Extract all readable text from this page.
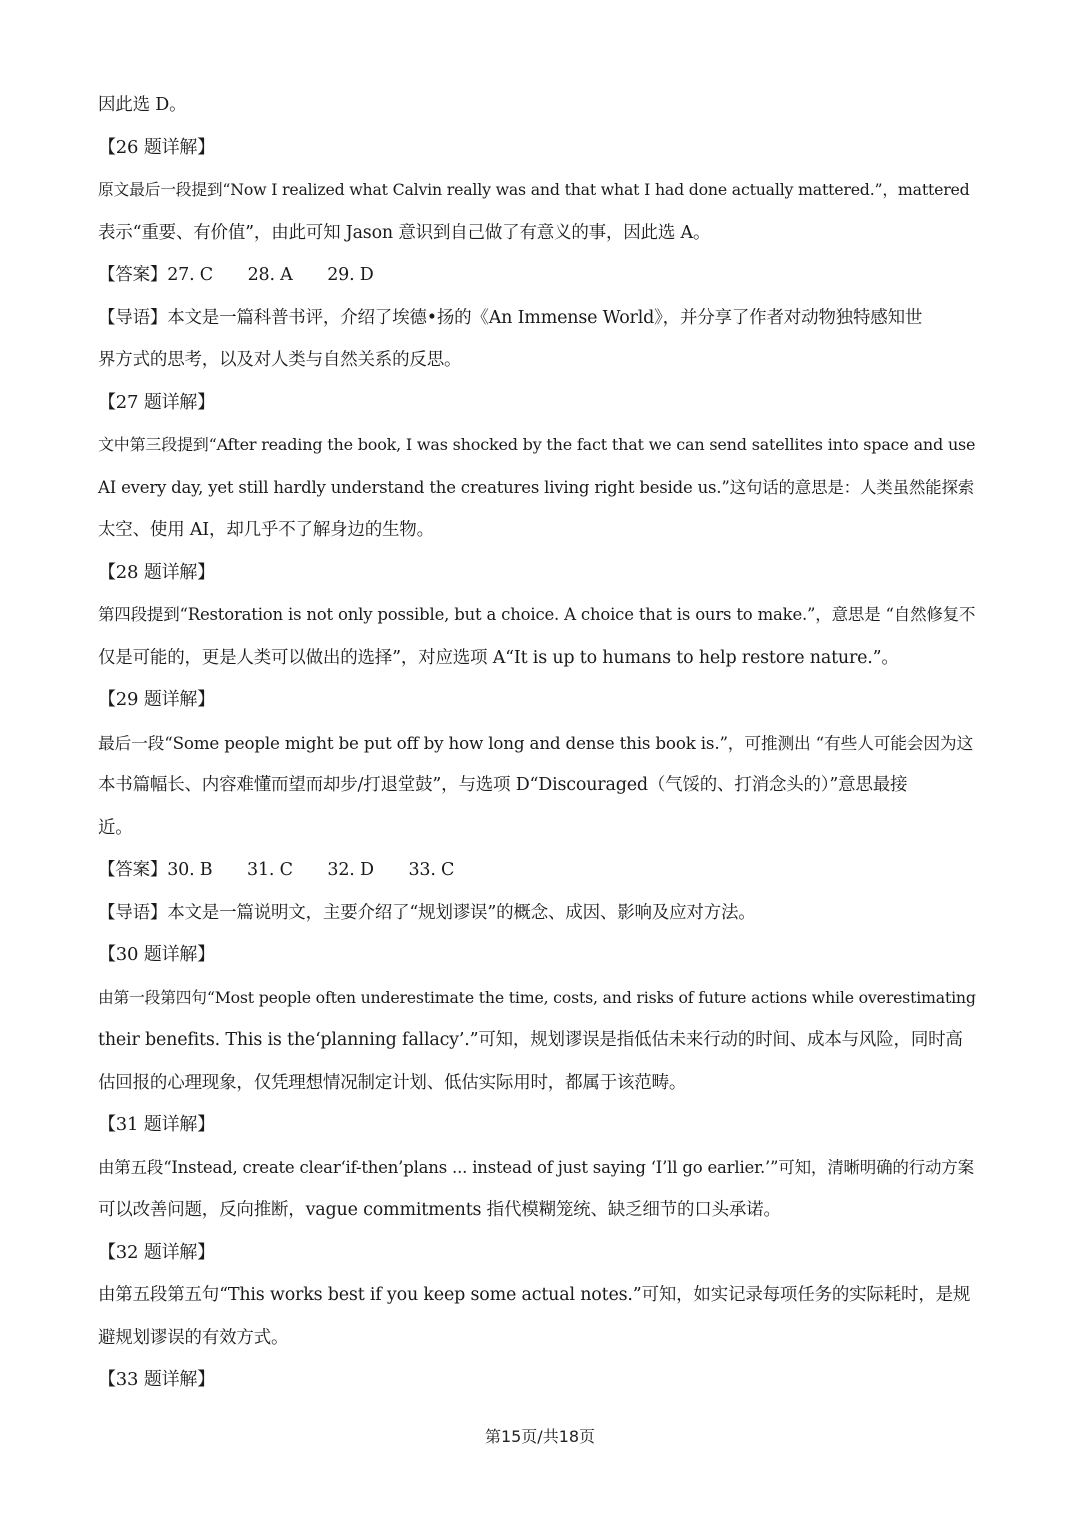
因此选 D。
【26 题详解】
原文最后一段提到“Now I realized what Calvin really was and that what I had done actually mattered.”，mattered
表示“重要、有价值”，由此可知 Jason 意识到自己做了有意义的事，因此选 A。
【答案】27. C　　28. A　　29. D
【导语】本文是一篇科普书评，介绍了埃德•扬的《An Immense World》，并分享了作者对动物独特感知世
界方式的思考，以及对人类与自然关系的反思。
【27 题详解】
文中第三段提到“After reading the book, I was shocked by the fact that we can send satellites into space and use
AI every day, yet still hardly understand the creatures living right beside us.”这句话的意思是：人类虽然能探索
太空、使用 AI，却几乎不了解身边的生物。
【28 题详解】
第四段提到“Restoration is not only possible, but a choice. A choice that is ours to make.”，意思是 “自然修复不
仅是可能的，更是人类可以做出的选择”，对应选项 A“It is up to humans to help restore nature.”。
【29 题详解】
最后一段“Some people might be put off by how long and dense this book is.”，可推测出 “有些人可能会因为这
本书篇幅长、内容难懂而望而却步/打退堂鼓”，与选项 D“Discouraged（气馁的、打消念头的）”意思最接
近。
【答案】30. B　　31. C　　32. D　　33. C
【导语】本文是一篇说明文，主要介绍了“规划谬误”的概念、成因、影响及应对方法。
【30 题详解】
由第一段第四句“Most people often underestimate the time, costs, and risks of future actions while overestimating
their benefits. This is the‘planning fallacy’.”可知，规划谬误是指低估未来行动的时间、成本与风险，同时高
估回报的心理现象，仅凭理想情况制定计划、低估实际用时，都属于该范畴。
【31 题详解】
由第五段“Instead, create clear‘if-then’plans ... instead of just saying ‘I’ll go earlier.’”可知，清晰明确的行动方案
可以改善问题，反向推断，vague commitments 指代模糊笼统、缺乏细节的口头承诺。
【32 题详解】
由第五段第五句“This works best if you keep some actual notes.”可知，如实记录每项任务的实际耗时，是规
避规划谬误的有效方式。
【33 题详解】
第15页/共18页
